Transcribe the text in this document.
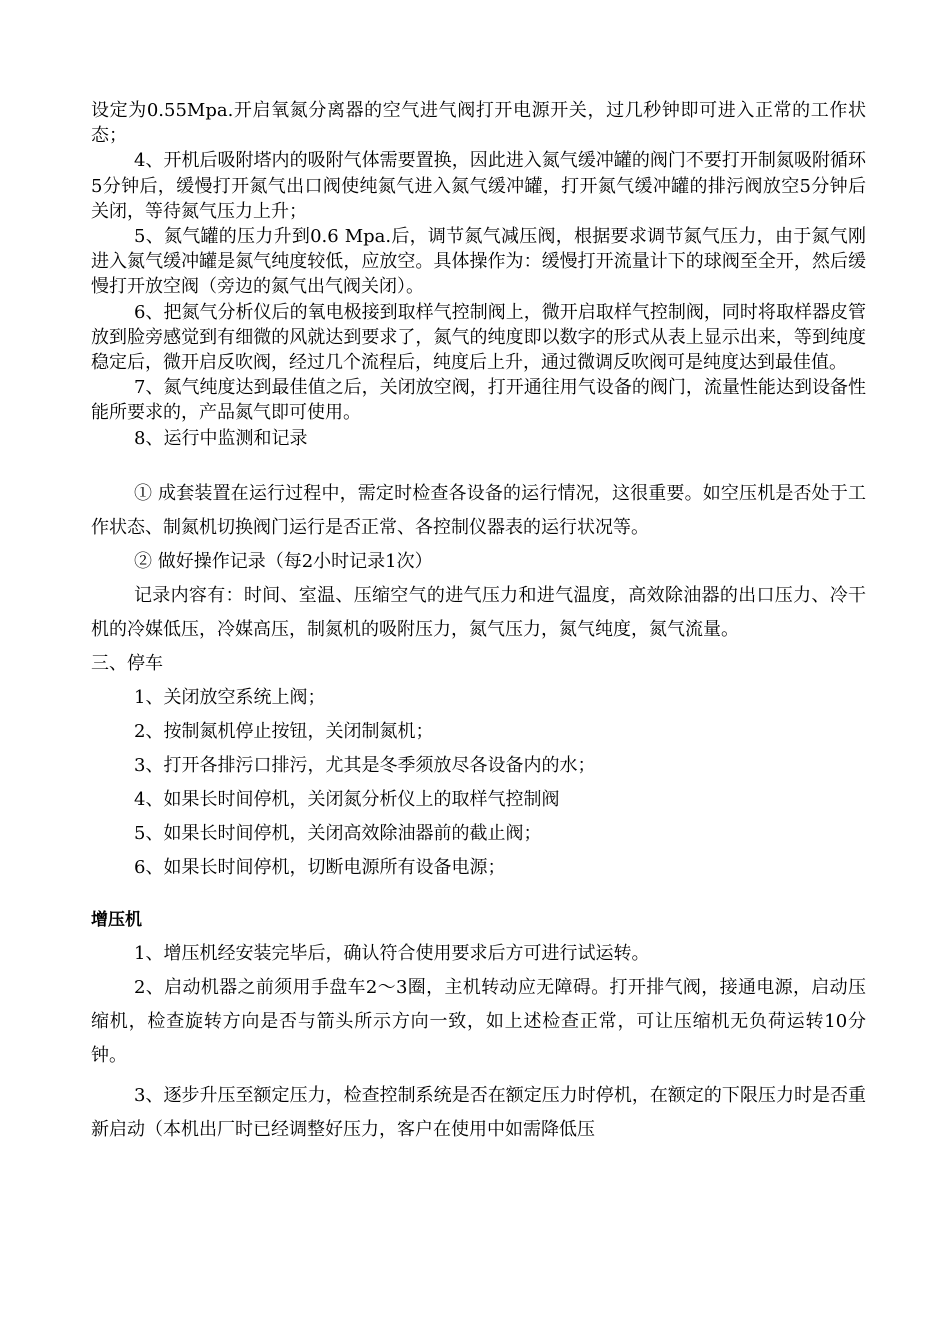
设定为0.55Mpa.开启氧氮分离器的空气进气阀打开电源开关，过几秒钟即可进入正常的工作状态；

4、开机后吸附塔内的吸附气体需要置换，因此进入氮气缓冲罐的阀门不要打开制氮吸附循环5分钟后，缓慢打开氮气出口阀使纯氮气进入氮气缓冲罐，打开氮气缓冲罐的排污阀放空5分钟后关闭，等待氮气压力上升；

5、氮气罐的压力升到0.6 Mpa.后，调节氮气减压阀，根据要求调节氮气压力，由于氮气刚进入氮气缓冲罐是氮气纯度较低，应放空。具体操作为：缓慢打开流量计下的球阀至全开，然后缓慢打开放空阀（旁边的氮气出气阀关闭）。

6、把氮气分析仪后的氧电极接到取样气控制阀上，微开启取样气控制阀，同时将取样器皮管放到脸旁感觉到有细微的风就达到要求了，氮气的纯度即以数字的形式从表上显示出来，等到纯度稳定后，微开启反吹阀，经过几个流程后，纯度后上升，通过微调反吹阀可是纯度达到最佳值。

7、氮气纯度达到最佳值之后，关闭放空阀，打开通往用气设备的阀门，流量性能达到设备性能所要求的，产品氮气即可使用。

8、运行中监测和记录

① 成套装置在运行过程中，需定时检查各设备的运行情况，这很重要。如空压机是否处于工作状态、制氮机切换阀门运行是否正常、各控制仪器表的运行状况等。

② 做好操作记录（每2小时记录1次）

记录内容有：时间、室温、压缩空气的进气压力和进气温度，高效除油器的出口压力、冷干机的冷媒低压，冷媒高压，制氮机的吸附压力，氮气压力，氮气纯度，氮气流量。

三、停车

1、关闭放空系统上阀；

2、按制氮机停止按钮，关闭制氮机；

3、打开各排污口排污，尤其是冬季须放尽各设备内的水；

4、如果长时间停机，关闭氮分析仪上的取样气控制阀

5、如果长时间停机，关闭高效除油器前的截止阀；

6、如果长时间停机，切断电源所有设备电源；

增压机

1、增压机经安装完毕后，确认符合使用要求后方可进行试运转。

2、启动机器之前须用手盘车2～3圈，主机转动应无障碍。打开排气阀，接通电源，启动压缩机，检查旋转方向是否与箭头所示方向一致，如上述检查正常，可让压缩机无负荷运转10分钟。

3、逐步升压至额定压力，检查控制系统是否在额定压力时停机，在额定的下限压力时是否重新启动（本机出厂时已经调整好压力，客户在使用中如需降低压
